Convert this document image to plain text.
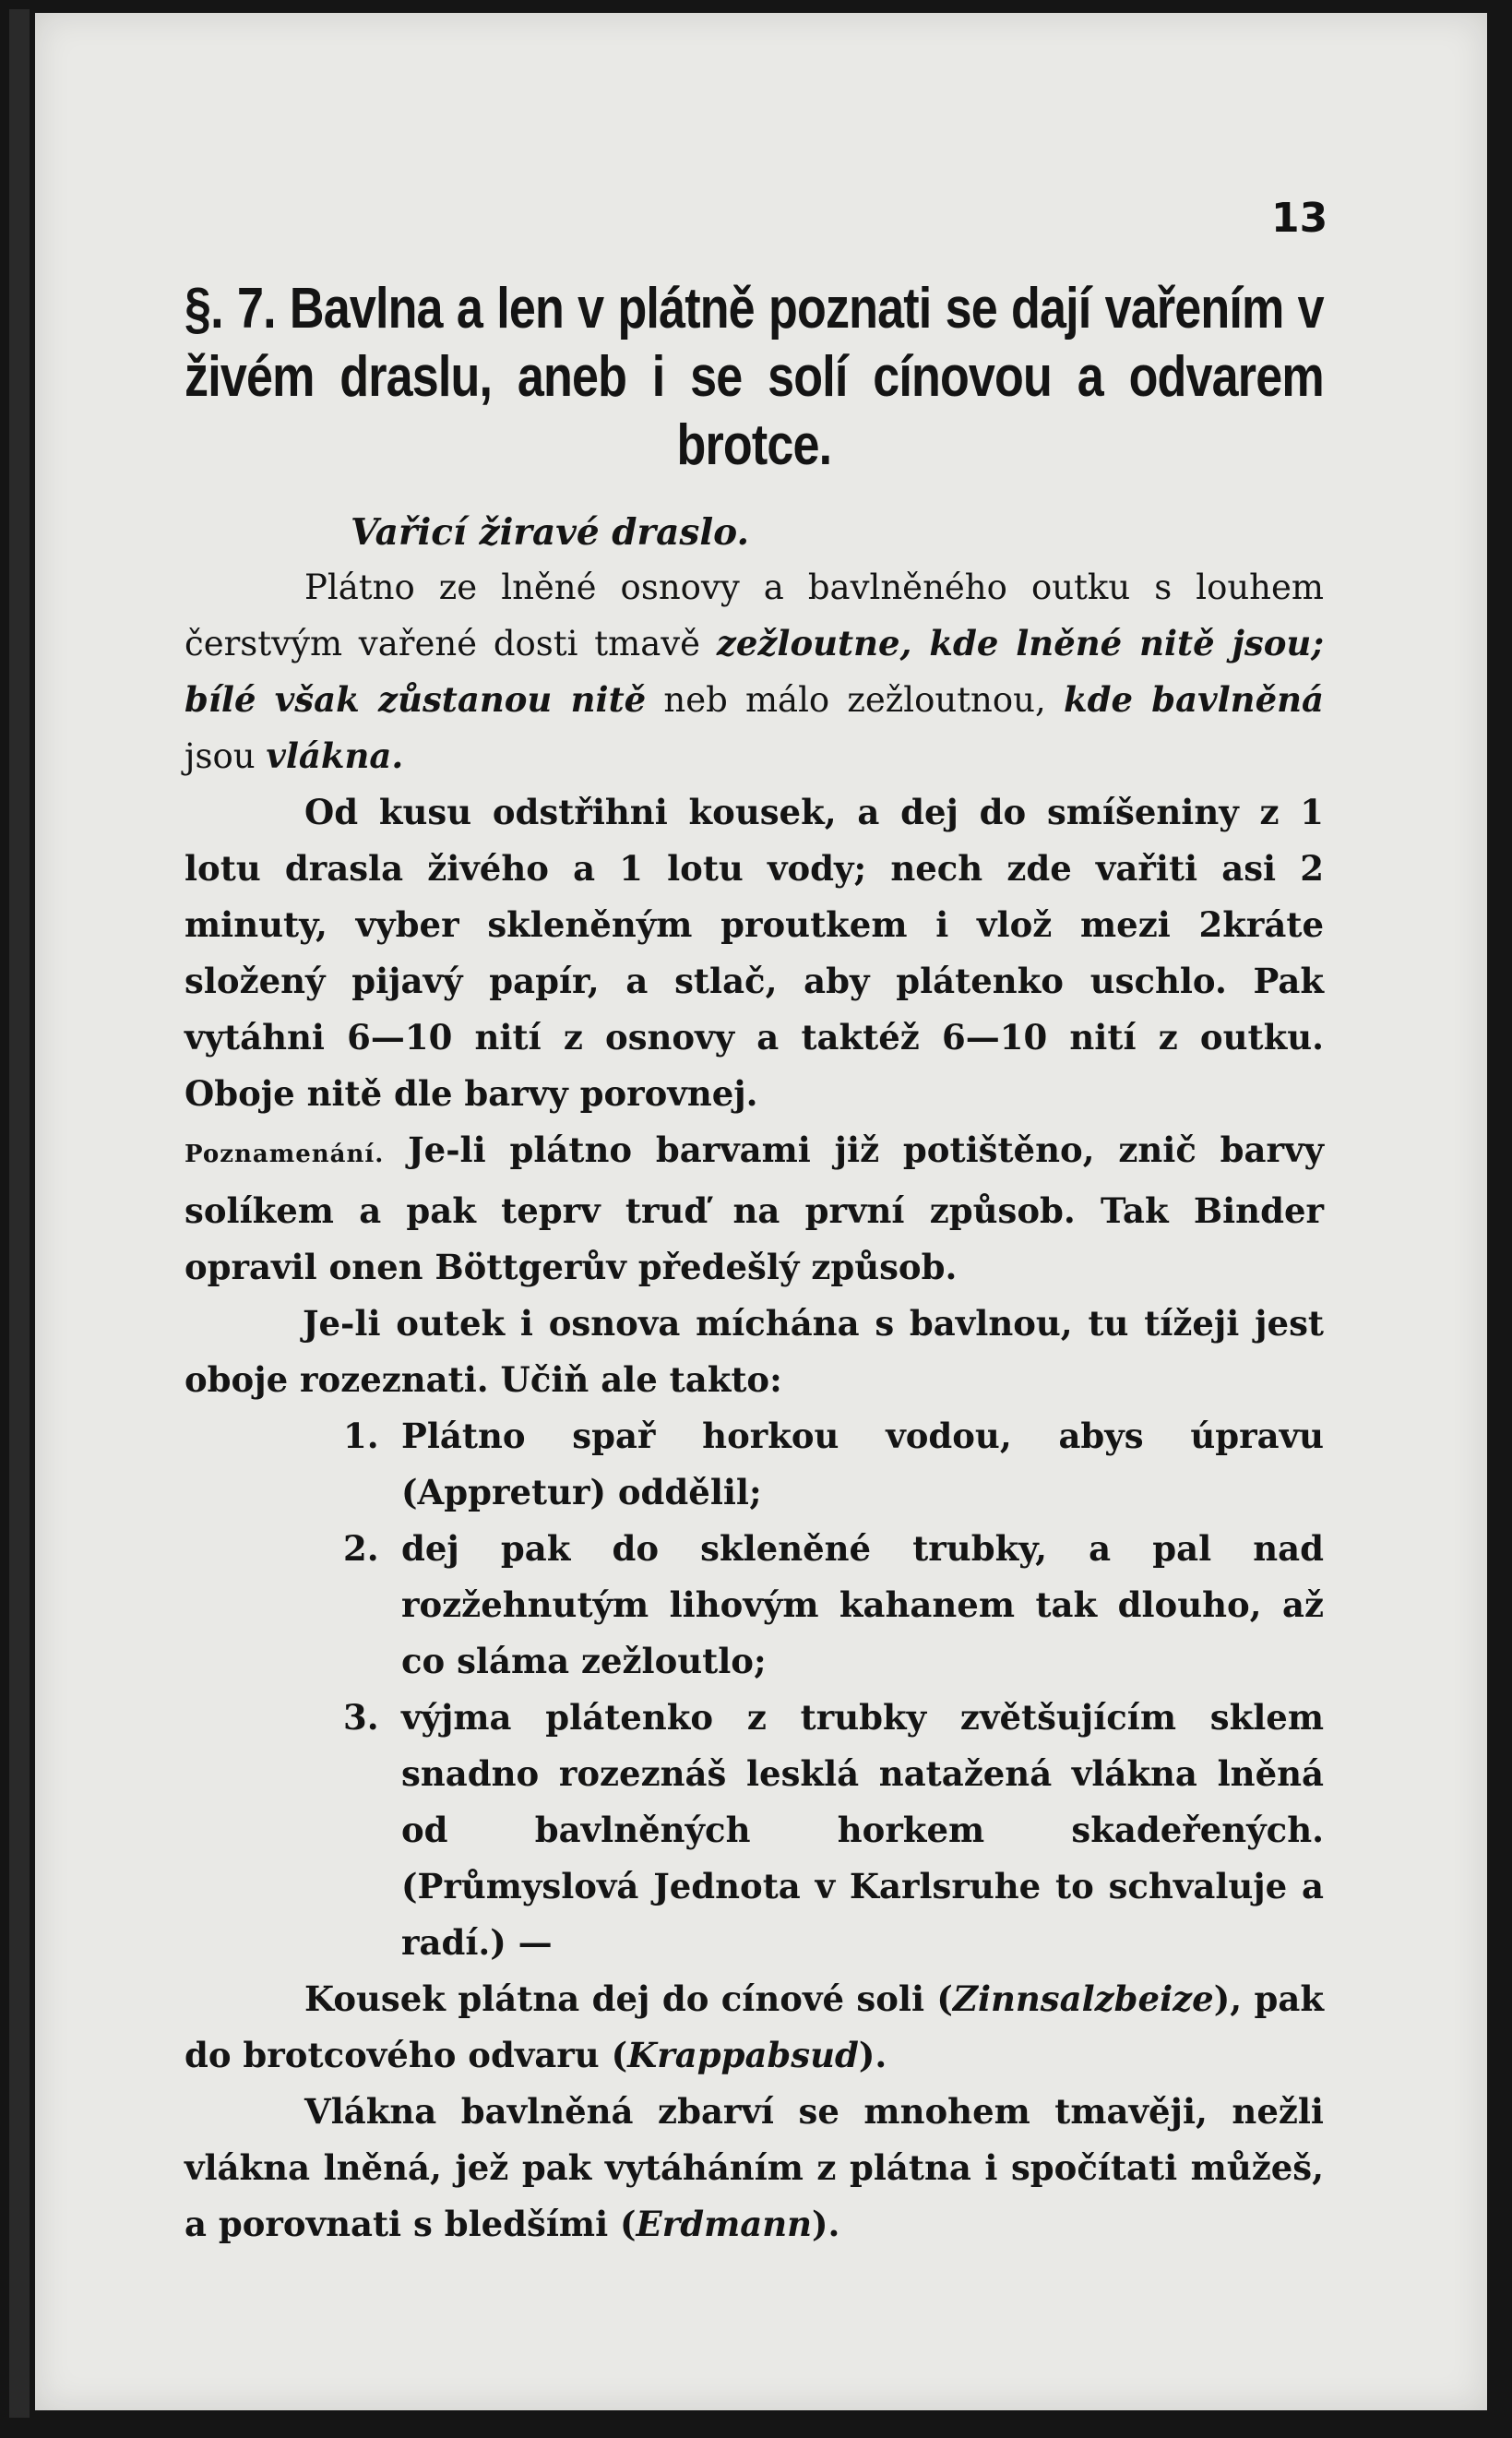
13
§. 7. Bavlna a len v plátně poznati se dají vařením v živém draslu, aneb i se solí cínovou a odvarem brotce.

Vařicí žiravé draslo.

Plátno ze lněné osnovy a bavlněného outku s louhem čerstvým vařené dosti tmavě zežloutne, kde lněné nitě jsou; bílé však zůstanou nitě neb málo zežloutnou, kde bavlněná jsou vlákna.

Od kusu odstřihni kousek, a dej do smíšeniny z 1 lotu drasla živého a 1 lotu vody; nech zde vařiti asi 2 minuty, vyber skleněným proutkem i vlož mezi 2kráte složený pijavý papír, a stlač, aby plátenko uschlo. Pak vytáhni 6—10 nití z osnovy a taktéž 6—10 nití z outku. Oboje nitě dle barvy porovnej.

Poznamenání. Je-li plátno barvami již potištěno, znič barvy solíkem a pak teprv truď na první způsob. Tak Binder opravil onen Böttgerův předešlý způsob.

Je-li outek i osnova míchána s bavlnou, tu tížeji jest oboje rozeznati. Učiň ale takto:

1. Plátno spař horkou vodou, abys úpravu (Appretur) oddělil;
2. dej pak do skleněné trubky, a pal nad rozžehnutým lihovým kahanem tak dlouho, až co sláma zežloutlo;
3. výjma plátenko z trubky zvětšujícím sklem snadno rozeznáš lesklá natažená vlákna lněná od bavlněných horkem skadeřených. (Průmyslová Jednota v Karlsruhe to schvaluje a radí.) —

Kousek plátna dej do cínové soli (Zinnsalzbeize), pak do brotcového odvaru (Krappabsud).

Vlákna bavlněná zbarví se mnohem tmavěji, nežli vlákna lněná, jež pak vytáháním z plátna i spočítati můžeš, a porovnati s bledšími (Erdmann).
